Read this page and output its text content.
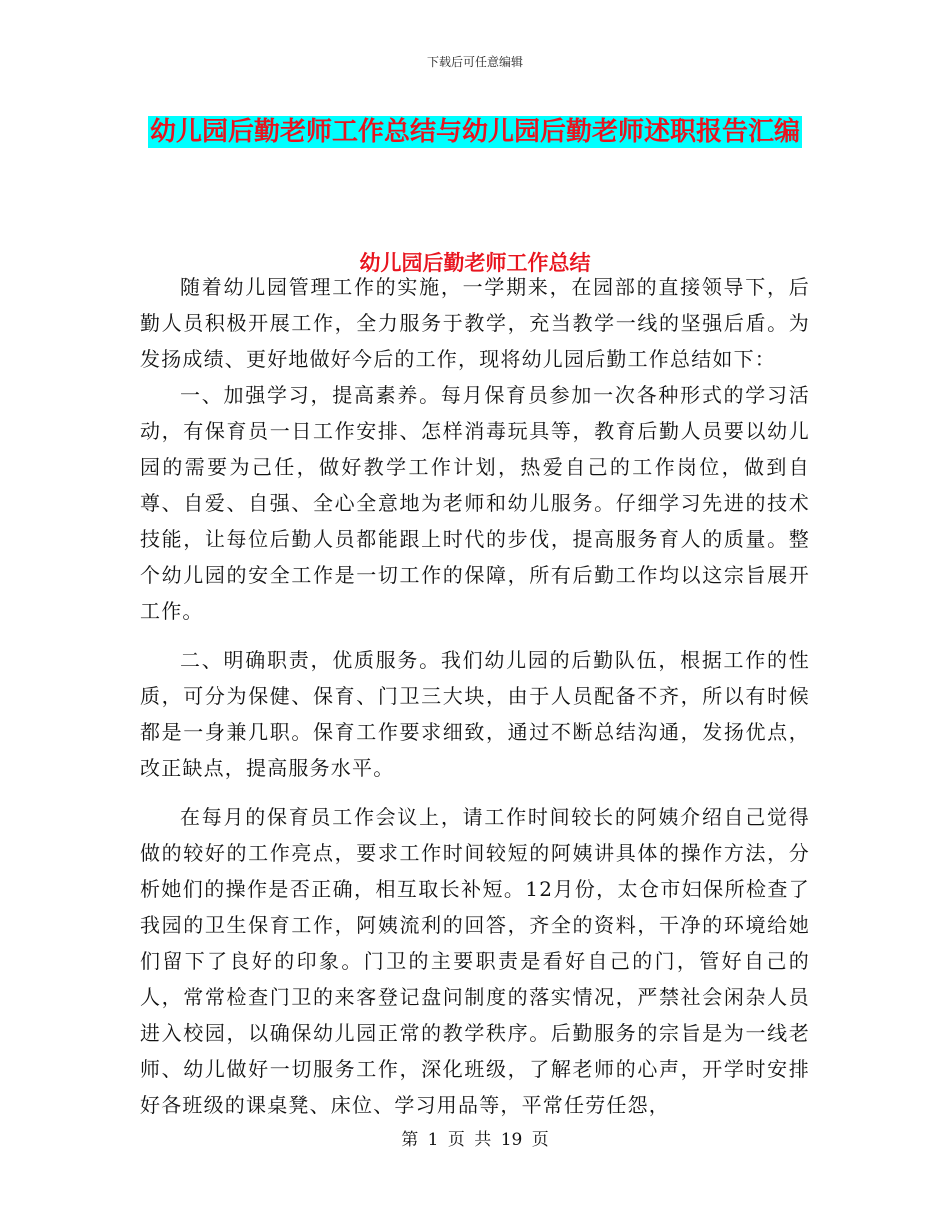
下载后可任意编辑
幼儿园后勤老师工作总结与幼儿园后勤老师述职报告汇编
幼儿园后勤老师工作总结

随着幼儿园管理工作的实施，一学期来，在园部的直接领导下，后勤人员积极开展工作，全力服务于教学，充当教学一线的坚强后盾。为发扬成绩、更好地做好今后的工作，现将幼儿园后勤工作总结如下：

一、加强学习，提高素养。每月保育员参加一次各种形式的学习活动，有保育员一日工作安排、怎样消毒玩具等，教育后勤人员要以幼儿园的需要为己任，做好教学工作计划，热爱自己的工作岗位，做到自尊、自爱、自强、全心全意地为老师和幼儿服务。仔细学习先进的技术技能，让每位后勤人员都能跟上时代的步伐，提高服务育人的质量。整个幼儿园的安全工作是一切工作的保障，所有后勤工作均以这宗旨展开工作。

二、明确职责，优质服务。我们幼儿园的后勤队伍，根据工作的性质，可分为保健、保育、门卫三大块，由于人员配备不齐，所以有时候都是一身兼几职。保育工作要求细致，通过不断总结沟通，发扬优点，改正缺点，提高服务水平。

在每月的保育员工作会议上，请工作时间较长的阿姨介绍自己觉得做的较好的工作亮点，要求工作时间较短的阿姨讲具体的操作方法，分析她们的操作是否正确，相互取长补短。12月份，太仓市妇保所检查了我园的卫生保育工作，阿姨流利的回答，齐全的资料，干净的环境给她们留下了良好的印象。门卫的主要职责是看好自己的门，管好自己的人，常常检查门卫的来客登记盘问制度的落实情况，严禁社会闲杂人员进入校园，以确保幼儿园正常的教学秩序。后勤服务的宗旨是为一线老师、幼儿做好一切服务工作，深化班级，了解老师的心声，开学时安排好各班级的课桌凳、床位、学习用品等，平常任劳任怨，

第 1 页 共 19 页
